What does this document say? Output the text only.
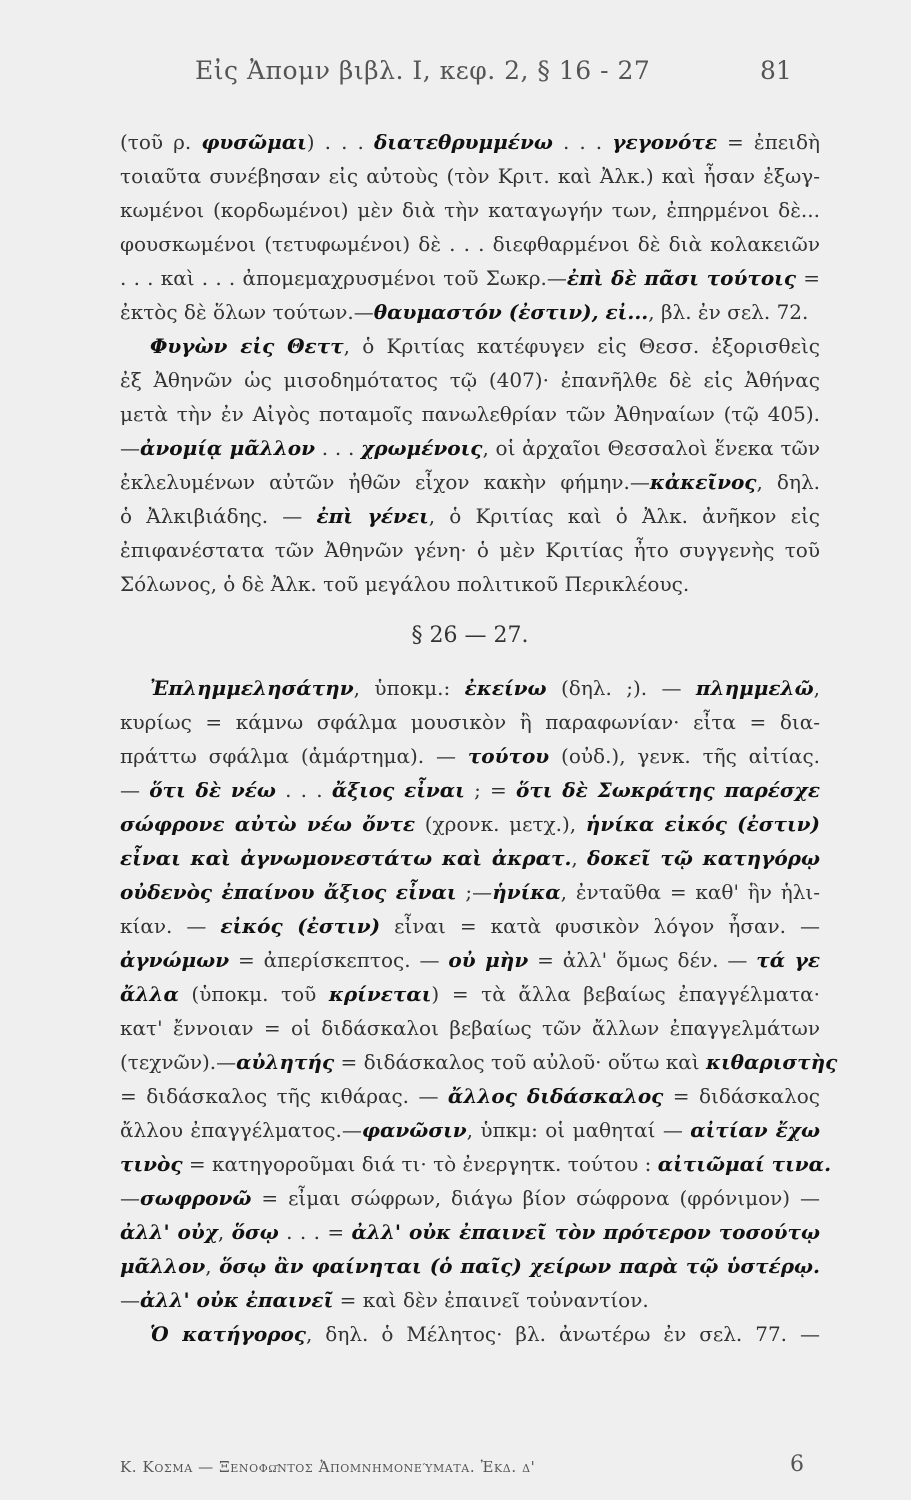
Εἰς Ἀπομν βιβλ. Ι, κεφ. 2, § 16 - 27	81
(τοῦ ρ. φυσῶμαι) . . . διατεθρυμμένω . . . γεγονότε = ἐπειδὴ
τοιαῦτα συνέβησαν εἰς αὐτοὺς (τὸν Κριτ. καὶ Ἀλκ.) καὶ ἦσαν ἐξωγ-
κωμένοι (κορδωμένοι) μὲν διὰ τὴν καταγωγήν των, ἐπηρμένοι δὲ...
φουσκωμένοι (τετυφωμένοι) δὲ . . . διεφθαρμένοι δὲ διὰ κολακειῶν
. . . καὶ . . . ἀπομεμαχρυσμένοι τοῦ Σωκρ.—ἐπὶ δὲ πᾶσι τούτοις =
ἐκτὸς δὲ ὅλων τούτων.—θαυμαστόν (ἐστιν), εἰ..., βλ. ἐν σελ. 72.
Φυγὼν εἰς Θεττ, ὁ Κριτίας κατέφυγεν εἰς Θεσσ. ἐξορισθεὶς
ἐξ Ἀθηνῶν ὡς μισοδημότατος τῷ (407)· ἐπανῆλθε δὲ εἰς Ἀθήνας
μετὰ τὴν ἐν Αἰγὸς ποταμοῖς πανωλεθρίαν τῶν Ἀθηναίων (τῷ 405).
—ἀνομίᾳ μᾶλλον . . . χρωμένοις, οἱ ἀρχαῖοι Θεσσαλοὶ ἕνεκα τῶν
ἐκλελυμένων αὐτῶν ἠθῶν εἶχον κακὴν φήμην.—κἀκεῖνος, δηλ.
ὁ Ἀλκιβιάδης. — ἐπὶ γένει, ὁ Κριτίας καὶ ὁ Ἀλκ. ἀνῆκον εἰς
ἐπιφανέστατα τῶν Ἀθηνῶν γένη· ὁ μὲν Κριτίας ἦτο συγγενὴς τοῦ
Σόλωνος, ὁ δὲ Ἀλκ. τοῦ μεγάλου πολιτικοῦ Περικλέους.
§ 26 — 27.
Ἐπλημμελησάτην, ὑποκμ.: ἐκείνω (δηλ. ;). — πλημμελῶ,
κυρίως = κάμνω σφάλμα μουσικὸν ἢ παραφωνίαν· εἶτα = δια-
πράττω σφάλμα (ἁμάρτημα). — τούτου (οὐδ.), γενκ. τῆς αἰτίας.
— ὅτι δὲ νέω . . . ἄξιος εἶναι ; = ὅτι δὲ Σωκράτης παρέσχε
σώφρονε αὐτὼ νέω ὄντε (χρονκ. μετχ.), ἡνίκα εἰκός (ἐστιν)
εἶναι καὶ ἀγνωμονεστάτω καὶ ἀκρατ., δοκεῖ τῷ κατηγόρῳ
οὐδενὸς ἐπαίνου ἄξιος εἶναι ;—ἡνίκα, ἐνταῦθα = καθ' ἣν ἡλι-
κίαν. — εἰκός (ἐστιν) εἶναι = κατὰ φυσικὸν λόγον ἦσαν. —
ἀγνώμων = ἀπερίσκεπτος. — οὐ μὴν = ἀλλ' ὅμως δέν. — τά γε
ἄλλα (ὑποκμ. τοῦ κρίνεται) = τὰ ἄλλα βεβαίως ἐπαγγέλματα·
κατ' ἔννοιαν = οἱ διδάσκαλοι βεβαίως τῶν ἄλλων ἐπαγγελμάτων
(τεχνῶν).—αὐλητής = διδάσκαλος τοῦ αὐλοῦ· οὕτω καὶ κιθαριστὴς
= διδάσκαλος τῆς κιθάρας. — ἄλλος διδάσκαλος = διδάσκαλος
ἄλλου ἐπαγγέλματος.—φανῶσιν, ὑπκμ: οἱ μαθηταί — αἰτίαν ἔχω
τινὸς = κατηγοροῦμαι διά τι· τὸ ἐνεργητκ. τούτου : αἰτιῶμαί τινα.
—σωφρονῶ = εἶμαι σώφρων, διάγω βίον σώφρονα (φρόνιμον) —
ἀλλ' οὐχ, ὅσῳ . . . = ἀλλ' οὐκ ἐπαινεῖ τὸν πρότερον τοσούτῳ
μᾶλλον, ὅσῳ ἂν φαίνηται (ὁ παῖς) χείρων παρὰ τῷ ὑστέρῳ.
—ἀλλ' οὐκ ἐπαινεῖ = καὶ δὲν ἐπαινεῖ τοὐναντίον.
Ὁ κατήγορος, δηλ. ὁ Μέλητος· βλ. ἀνωτέρω ἐν σελ. 77. —
Κ. Κοσμα — Ξενοφῶντος Ἀπομνημονεύματα. Ἐκδ. δ'	6
